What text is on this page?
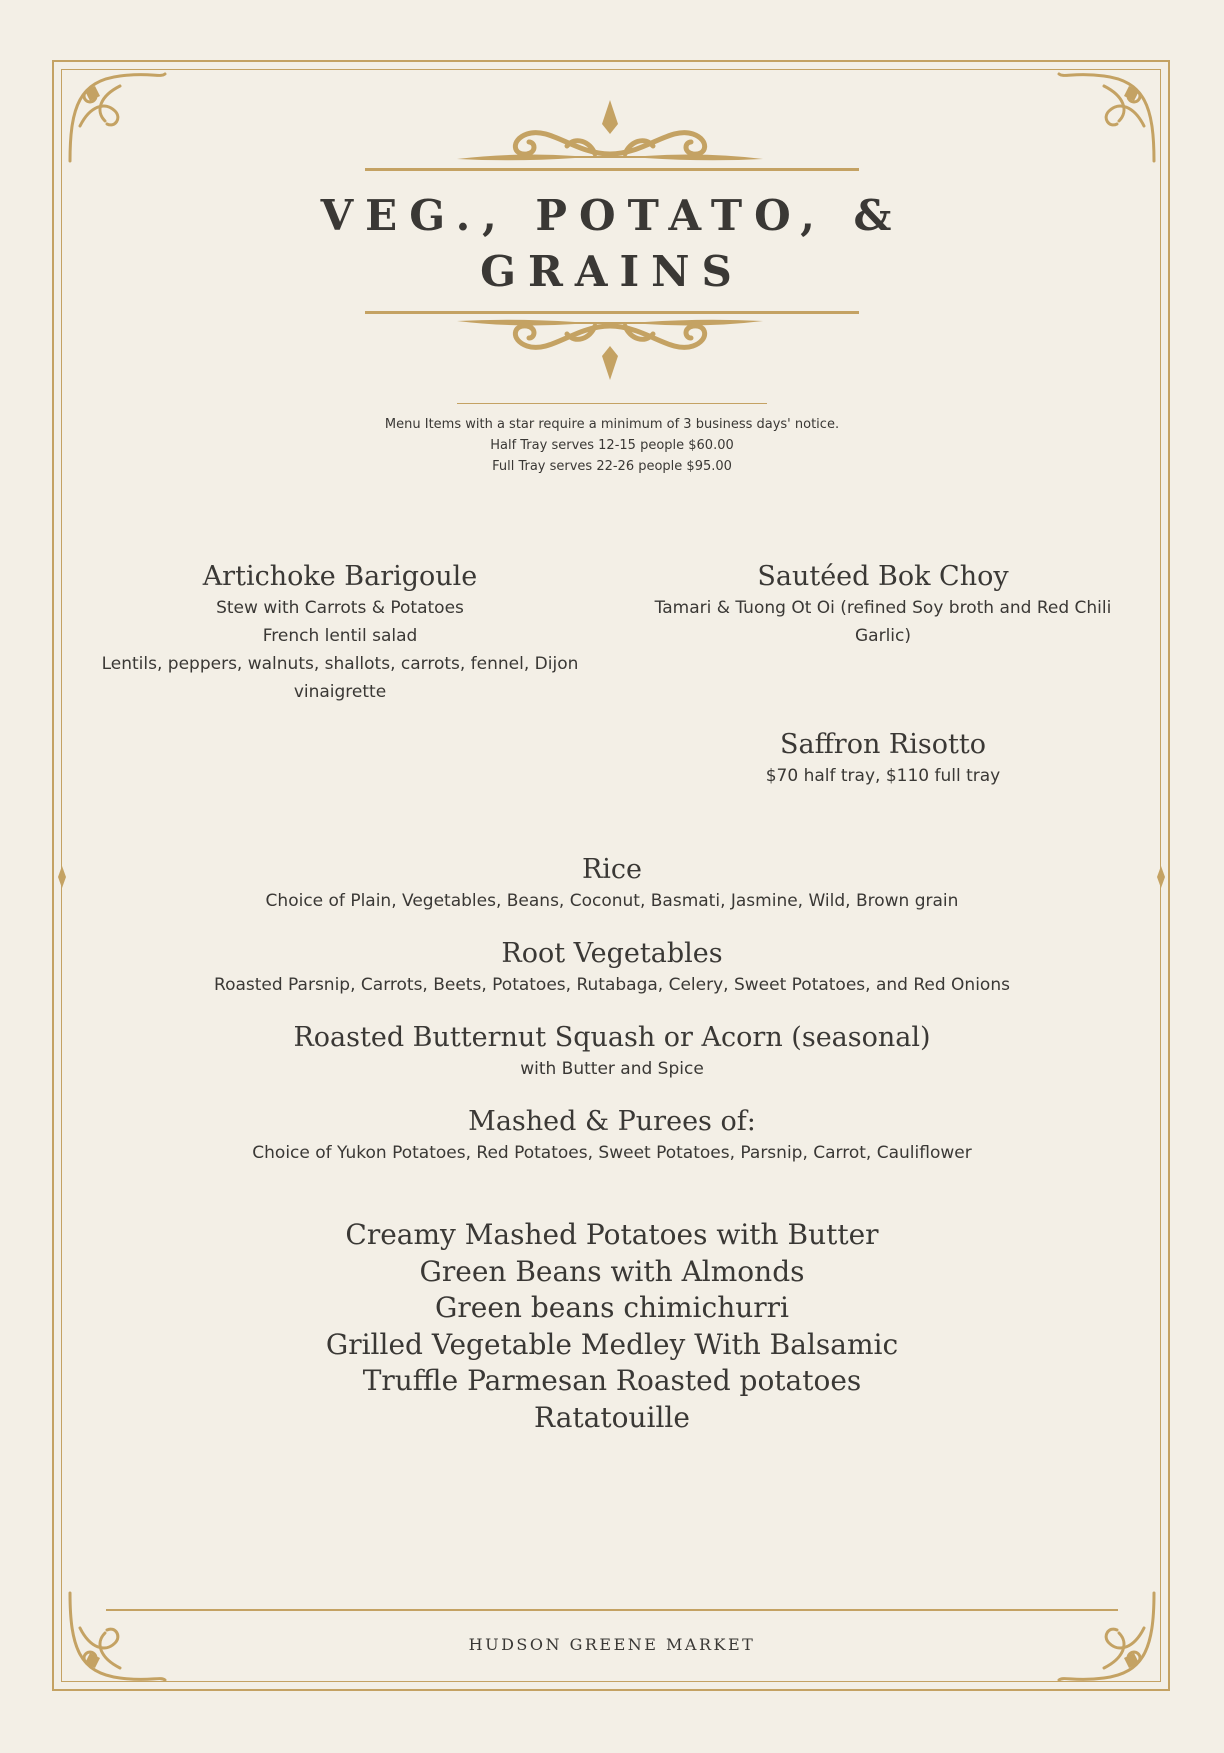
VEG., POTATO, &
GRAINS
Menu Items with a star require a minimum of 3 business days' notice.
Half Tray serves 12-15 people $60.00
Full Tray serves 22-26 people $95.00
Artichoke Barigoule
Stew with Carrots & Potatoes
French lentil salad
Lentils, peppers, walnuts, shallots, carrots, fennel, Dijon
vinaigrette
Sautéed Bok Choy
Tamari & Tuong Ot Oi (refined Soy broth and Red Chili
Garlic)
Saffron Risotto
$70 half tray, $110 full tray
Rice
Choice of Plain, Vegetables, Beans, Coconut, Basmati, Jasmine, Wild, Brown grain
Root Vegetables
Roasted Parsnip, Carrots, Beets, Potatoes, Rutabaga, Celery, Sweet Potatoes, and Red Onions
Roasted Butternut Squash or Acorn (seasonal)
with Butter and Spice
Mashed & Purees of:
Choice of Yukon Potatoes, Red Potatoes, Sweet Potatoes, Parsnip, Carrot, Cauliflower
Creamy Mashed Potatoes with Butter
Green Beans with Almonds
Green beans chimichurri
Grilled Vegetable Medley With Balsamic
Truffle Parmesan Roasted potatoes
Ratatouille
HUDSON GREENE MARKET
